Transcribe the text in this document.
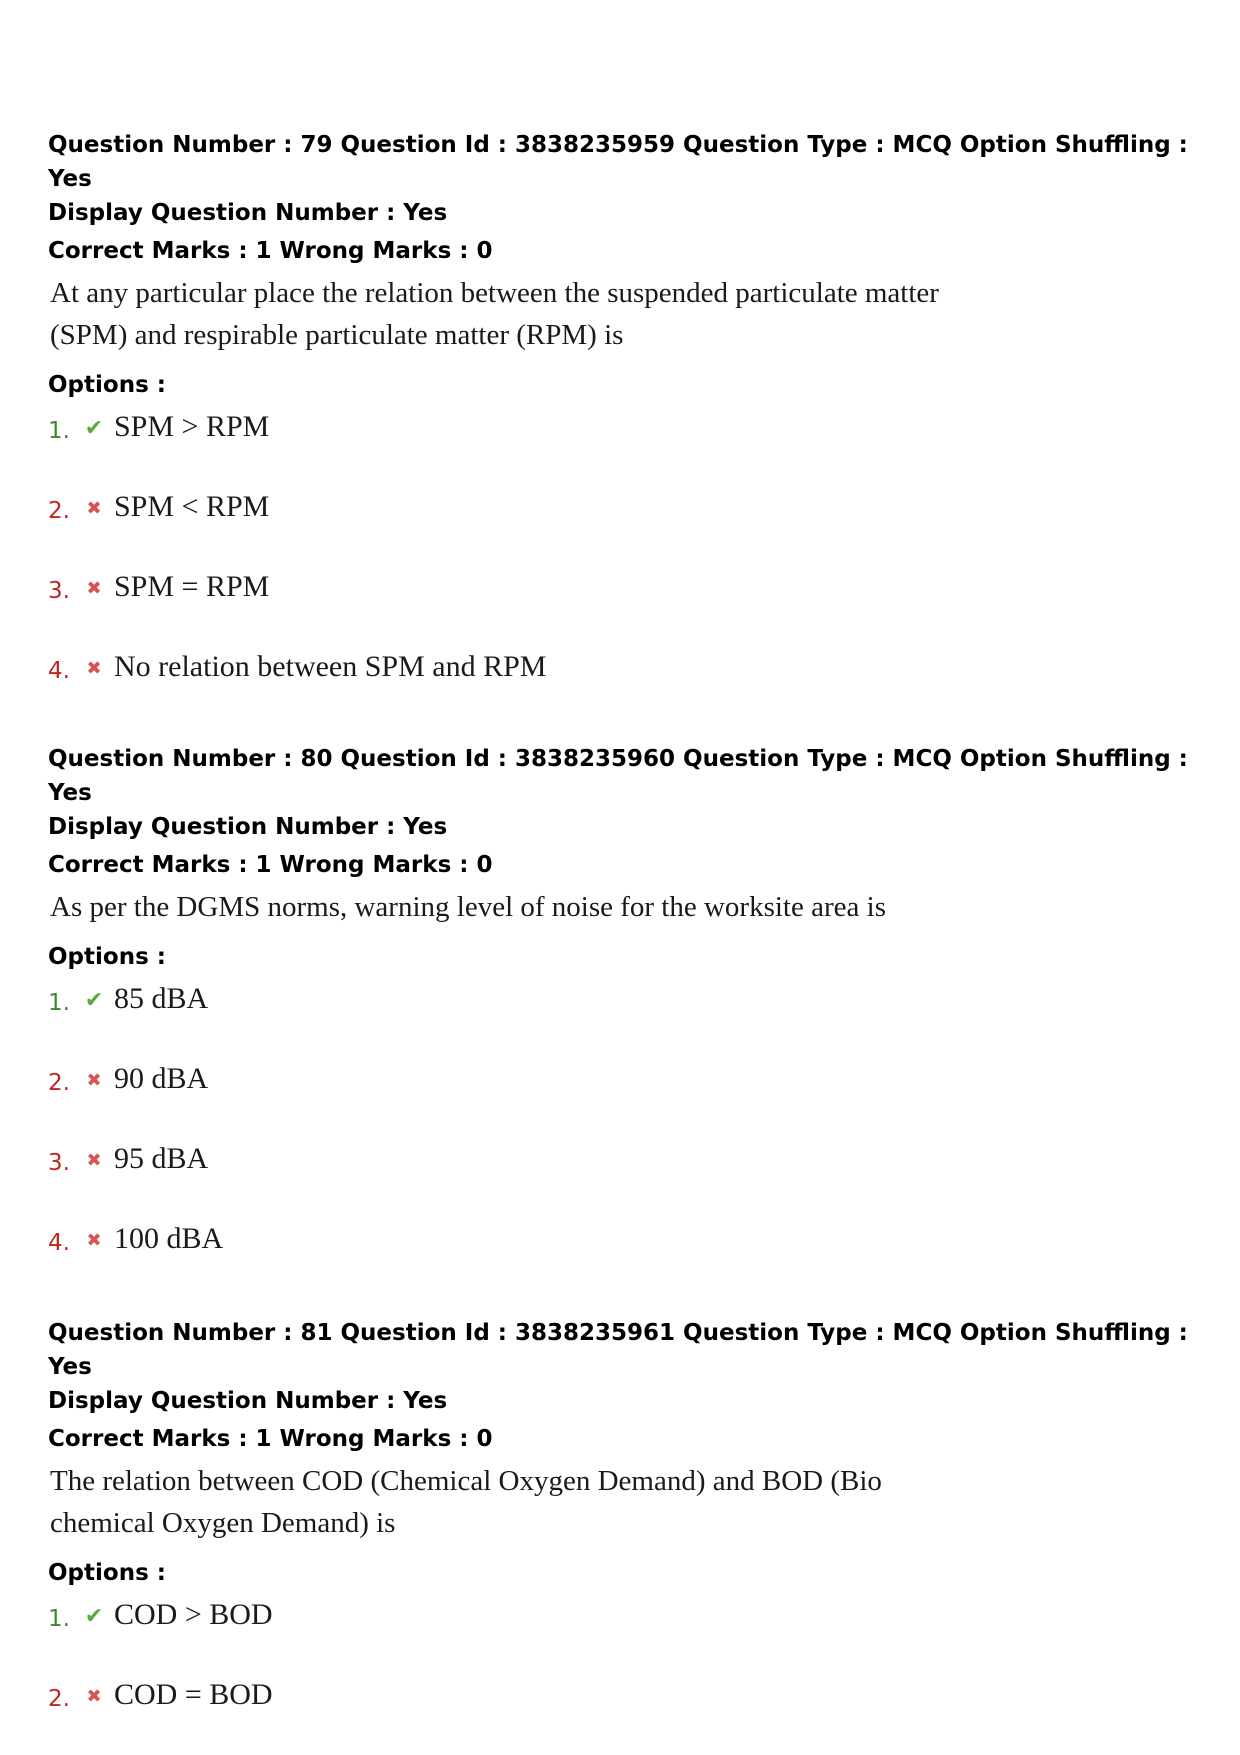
Question Number : 79 Question Id : 3838235959 Question Type : MCQ Option Shuffling : Yes

Display Question Number : Yes

Correct Marks : 1 Wrong Marks : 0

At any particular place the relation between the suspended particulate matter (SPM) and respirable particulate matter (RPM) is
Options :
1. ✔ SPM > RPM
2. ✖ SPM < RPM
3. ✖ SPM = RPM
4. ✖ No relation between SPM and RPM

Question Number : 80 Question Id : 3838235960 Question Type : MCQ Option Shuffling : Yes

Display Question Number : Yes

Correct Marks : 1 Wrong Marks : 0

As per the DGMS norms, warning level of noise for the worksite area is
Options :
1. ✔ 85 dBA
2. ✖ 90 dBA
3. ✖ 95 dBA
4. ✖ 100 dBA

Question Number : 81 Question Id : 3838235961 Question Type : MCQ Option Shuffling : Yes

Display Question Number : Yes

Correct Marks : 1 Wrong Marks : 0

The relation between COD (Chemical Oxygen Demand) and BOD (Bio chemical Oxygen Demand) is
Options :
1. ✔ COD > BOD
2. ✖ COD = BOD
